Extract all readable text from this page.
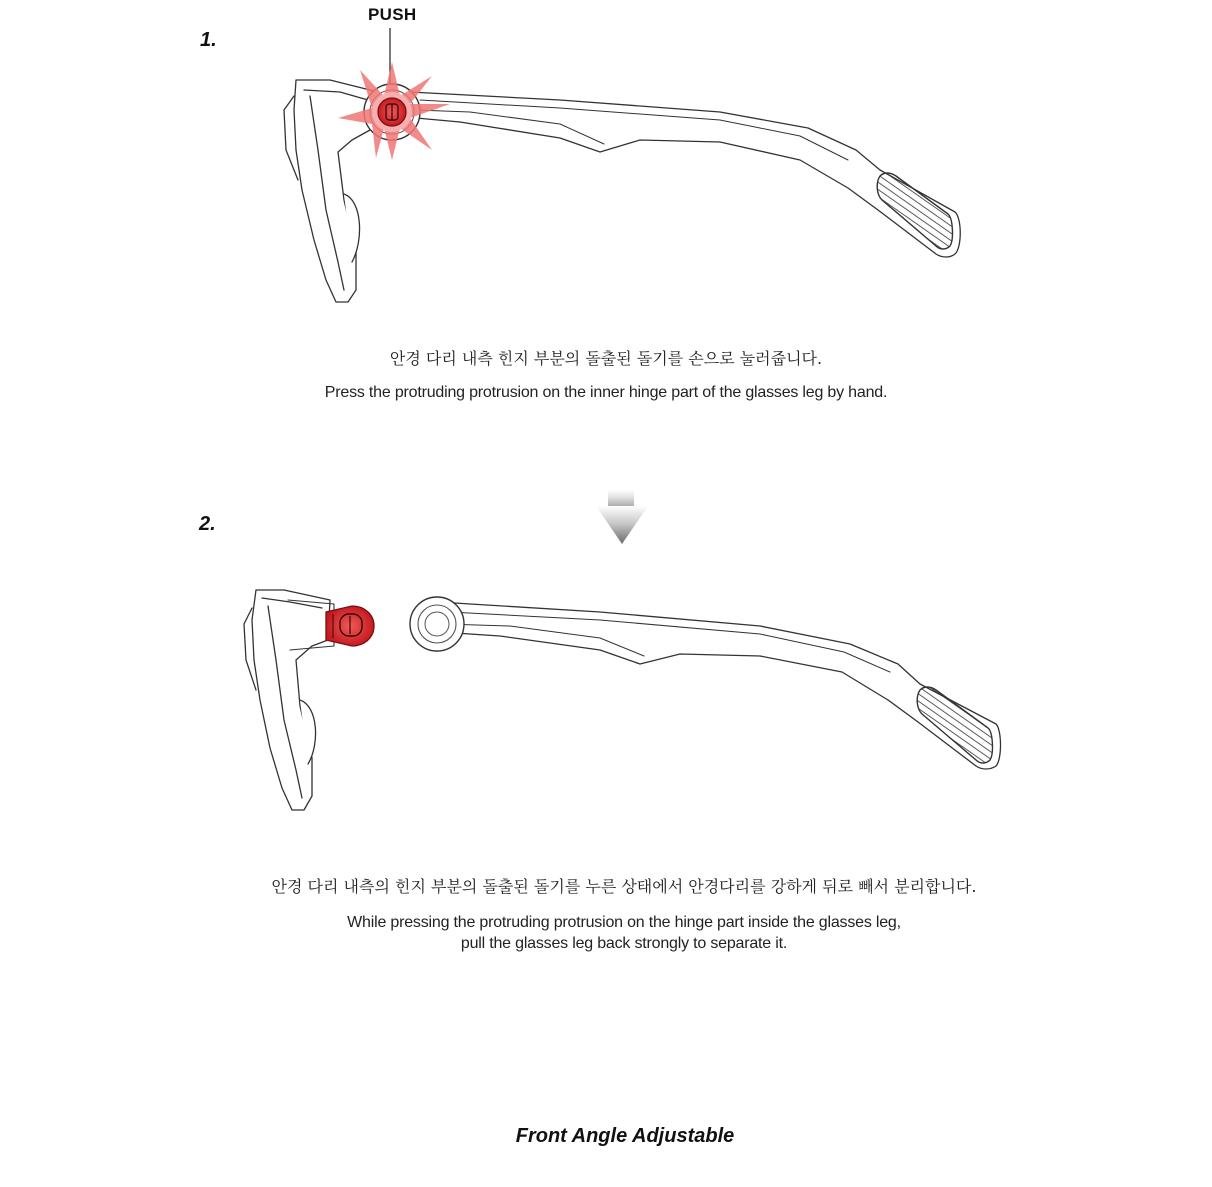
1.
PUSH
안경 다리 내측 힌지 부분의 돌출된 돌기를 손으로 눌러줍니다.
Press the protruding protrusion on the inner hinge part of the glasses leg by hand.
2.
안경 다리 내측의 힌지 부분의 돌출된 돌기를 누른 상태에서 안경다리를 강하게 뒤로 빼서 분리합니다.
While pressing the protruding protrusion on the hinge part inside the glasses leg,
pull the glasses leg back strongly to separate it.
Front Angle Adjustable
